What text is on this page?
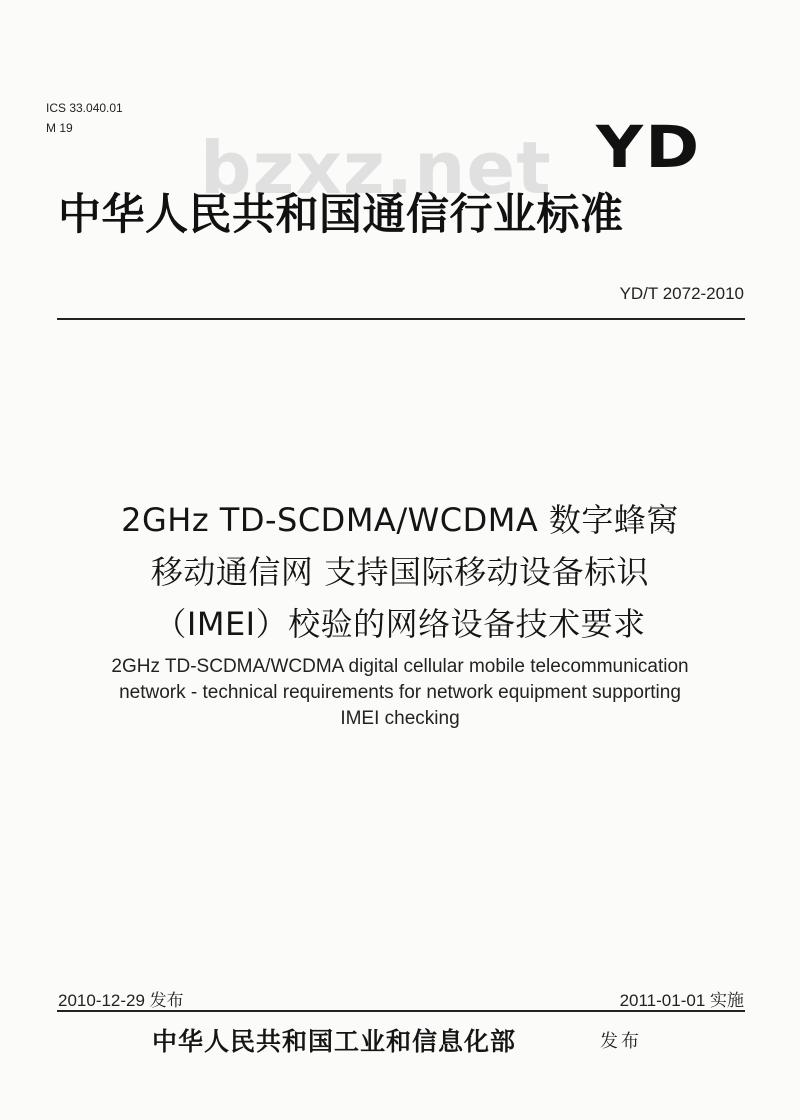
ICS 33.040.01
M 19	bzxz.net YD
中华人民共和国通信行业标准
YD/T 2072-2010
2GHz TD-SCDMA/WCDMA 数字蜂窝
移动通信网 支持国际移动设备标识
（IMEI）校验的网络设备技术要求
2GHz TD-SCDMA/WCDMA digital cellular mobile telecommunication
network - technical requirements for network equipment supporting
IMEI checking
2010-12-29 发布	2011-01-01 实施
中华人民共和国工业和信息化部	发布
